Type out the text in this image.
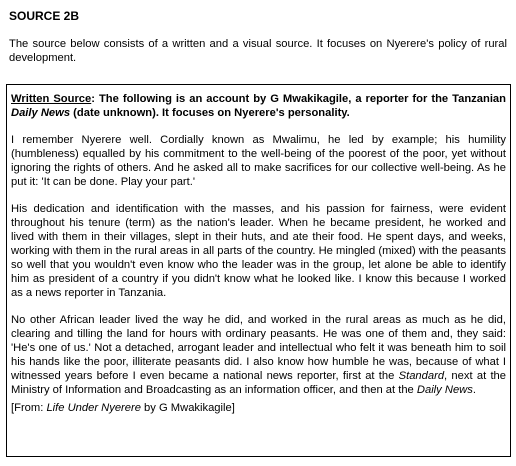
SOURCE 2B

The source below consists of a written and a visual source. It focuses on Nyerere's policy of rural development.

Written Source: The following is an account by G Mwakikagile, a reporter for the Tanzanian Daily News (date unknown). It focuses on Nyerere's personality.

I remember Nyerere well. Cordially known as Mwalimu, he led by example; his humility (humbleness) equalled by his commitment to the well-being of the poorest of the poor, yet without ignoring the rights of others. And he asked all to make sacrifices for our collective well-being. As he put it: 'It can be done. Play your part.'

His dedication and identification with the masses, and his passion for fairness, were evident throughout his tenure (term) as the nation's leader. When he became president, he worked and lived with them in their villages, slept in their huts, and ate their food. He spent days, and weeks, working with them in the rural areas in all parts of the country. He mingled (mixed) with the peasants so well that you wouldn't even know who the leader was in the group, let alone be able to identify him as president of a country if you didn't know what he looked like. I know this because I worked as a news reporter in Tanzania.

No other African leader lived the way he did, and worked in the rural areas as much as he did, clearing and tilling the land for hours with ordinary peasants. He was one of them and, they said: 'He's one of us.' Not a detached, arrogant leader and intellectual who felt it was beneath him to soil his hands like the poor, illiterate peasants did. I also know how humble he was, because of what I witnessed years before I even became a national news reporter, first at the Standard, next at the Ministry of Information and Broadcasting as an information officer, and then at the Daily News.

[From: Life Under Nyerere by G Mwakikagile]
